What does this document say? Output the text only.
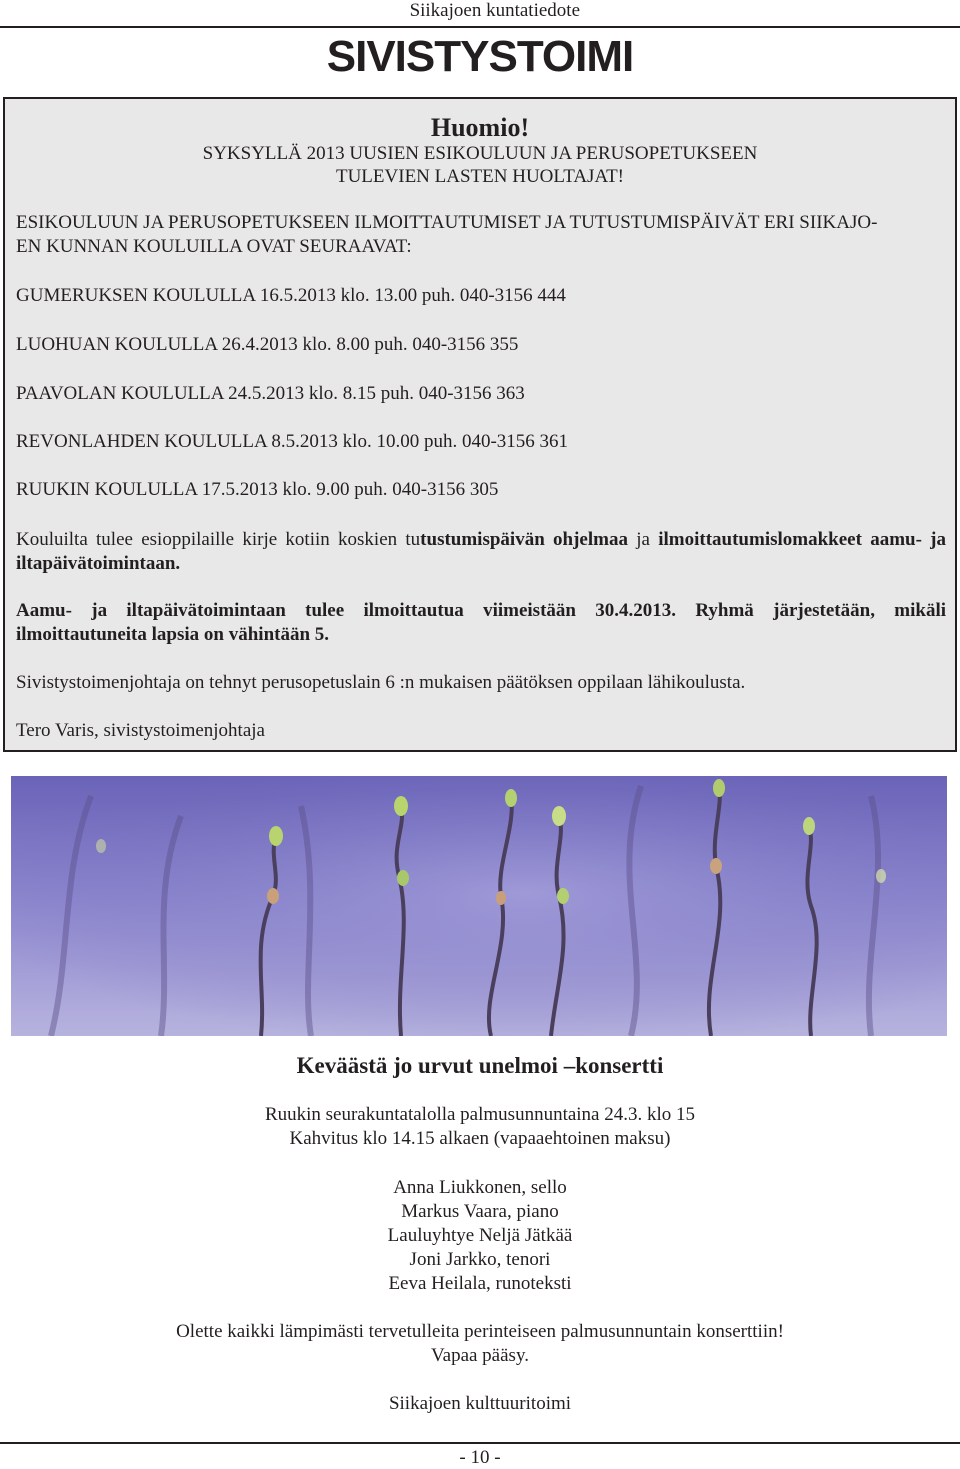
Siikajoen kuntatiedote
SIVISTYSTOIMI
Huomio!
SYKSYLLÄ 2013 UUSIEN ESIKOULUUN JA PERUSOPETUKSEEN
TULEVIEN LASTEN HUOLTAJAT!
ESIKOULUUN JA PERUSOPETUKSEEN ILMOITTAUTUMISET JA TUTUSTUMISPÄIVÄT ERI SIIKAJO-
EN KUNNAN KOULUILLA OVAT SEURAAVAT:
GUMERUKSEN KOULULLA 16.5.2013 klo. 13.00 puh. 040-3156 444
LUOHUAN KOULULLA 26.4.2013 klo. 8.00 puh. 040-3156 355
PAAVOLAN KOULULLA 24.5.2013 klo. 8.15 puh. 040-3156 363
REVONLAHDEN KOULULLA 8.5.2013 klo. 10.00 puh. 040-3156 361
RUUKIN KOULULLA 17.5.2013 klo. 9.00 puh. 040-3156 305
Kouluilta tulee esioppilaille kirje kotiin koskien tutustumispäivän ohjelmaa ja ilmoittautumislomakkeet aamu- ja iltapäivätoimintaan.
Aamu- ja iltapäivätoimintaan tulee ilmoittautua viimeistään 30.4.2013. Ryhmä järjestetään, mikäli ilmoittautuneita lapsia on vähintään 5.
Sivistystoimenjohtaja on tehnyt perusopetuslain 6 :n mukaisen päätöksen oppilaan lähikoulusta.
Tero Varis, sivistystoimenjohtaja
Keväästä jo urvut unelmoi –konsertti
Ruukin seurakuntatalolla palmusunnuntaina 24.3. klo 15
Kahvitus klo 14.15 alkaen (vapaaehtoinen maksu)
Anna Liukkonen, sello
Markus Vaara, piano
Lauluyhtye Neljä Jätkää
Joni Jarkko, tenori
Eeva Heilala, runoteksti
Olette kaikki lämpimästi tervetulleita perinteiseen palmusunnuntain konserttiin!
Vapaa pääsy.
Siikajoen kulttuuritoimi
- 10 -
